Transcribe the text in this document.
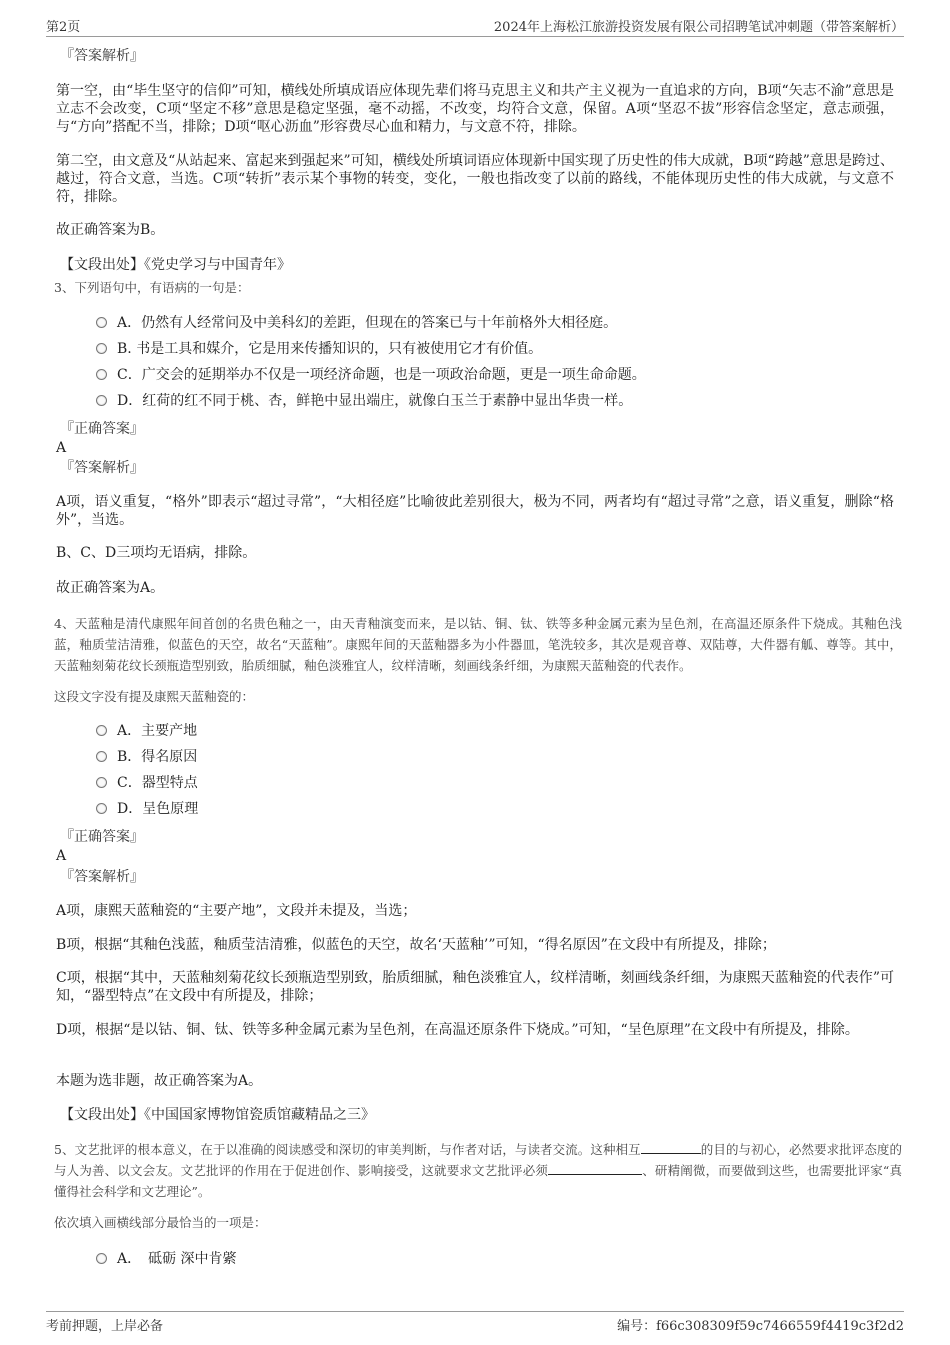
第2页	2024年上海松江旅游投资发展有限公司招聘笔试冲刺题（带答案解析）
『答案解析』
第一空，由“毕生坚守的信仰”可知，横线处所填成语应体现先辈们将马克思主义和共产主义视为一直追求的方向，B项“矢志不渝”意思是立志不会改变，C项“坚定不移”意思是稳定坚强，毫不动摇，不改变，均符合文意，保留。A项“坚忍不拔”形容信念坚定，意志顽强，与“方向”搭配不当，排除；D项“呕心沥血”形容费尽心血和精力，与文意不符，排除。
第二空，由文意及“从站起来、富起来到强起来”可知，横线处所填词语应体现新中国实现了历史性的伟大成就，B项“跨越”意思是跨过、越过，符合文意，当选。C项“转折”表示某个事物的转变，变化，一般也指改变了以前的路线，不能体现历史性的伟大成就，与文意不符，排除。
故正确答案为B。
【文段出处】《党史学习与中国青年》
3、下列语句中，有语病的一句是：
A．仍然有人经常问及中美科幻的差距，但现在的答案已与十年前格外大相径庭。
B. 书是工具和媒介，它是用来传播知识的，只有被使用它才有价值。
C．广交会的延期举办不仅是一项经济命题，也是一项政治命题，更是一项生命命题。
D．红荷的红不同于桃、杏，鲜艳中显出端庄，就像白玉兰于素静中显出华贵一样。
『正确答案』
A
『答案解析』
A项，语义重复，“格外”即表示“超过寻常”，“大相径庭”比喻彼此差别很大，极为不同，两者均有“超过寻常”之意，语义重复，删除“格外”，当选。
B、C、D三项均无语病，排除。
故正确答案为A。
4、天蓝釉是清代康熙年间首创的名贵色釉之一，由天青釉演变而来，是以钴、铜、钛、铁等多种金属元素为呈色剂，在高温还原条件下烧成。其釉色浅蓝，釉质莹洁清雅，似蓝色的天空，故名“天蓝釉”。康熙年间的天蓝釉器多为小件器皿，笔洗较多，其次是观音尊、双陆尊，大件器有觚、尊等。其中，天蓝釉刻菊花纹长颈瓶造型别致，胎质细腻，釉色淡雅宜人，纹样清晰，刻画线条纤细，为康熙天蓝釉瓷的代表作。
这段文字没有提及康熙天蓝釉瓷的：
A．主要产地
B．得名原因
C．器型特点
D．呈色原理
『正确答案』
A
『答案解析』
A项，康熙天蓝釉瓷的“主要产地”，文段并未提及，当选；
B项，根据“其釉色浅蓝，釉质莹洁清雅，似蓝色的天空，故名‘天蓝釉’”可知，“得名原因”在文段中有所提及，排除；
C项，根据“其中，天蓝釉刻菊花纹长颈瓶造型别致，胎质细腻，釉色淡雅宜人，纹样清晰，刻画线条纤细，为康熙天蓝釉瓷的代表作”可知，“器型特点”在文段中有所提及，排除；
D项，根据“是以钴、铜、钛、铁等多种金属元素为呈色剂，在高温还原条件下烧成。”可知，“呈色原理”在文段中有所提及，排除。
本题为选非题，故正确答案为A。
【文段出处】《中国国家博物馆瓷质馆藏精品之三》
5、文艺批评的根本意义，在于以准确的阅读感受和深切的审美判断，与作者对话，与读者交流。这种相互	的目的与初心，必然要求批评态度的与人为善、以文会友。文艺批评的作用在于促进创作、影响接受，这就要求文艺批评必须	、研精阐微，而要做到这些，也需要批评家“真懂得社会科学和文艺理论”。
依次填入画横线部分最恰当的一项是：
A．　砥砺 深中肯綮
考前押题，上岸必备	编号：f66c308309f59c7466559f4419c3f2d2
